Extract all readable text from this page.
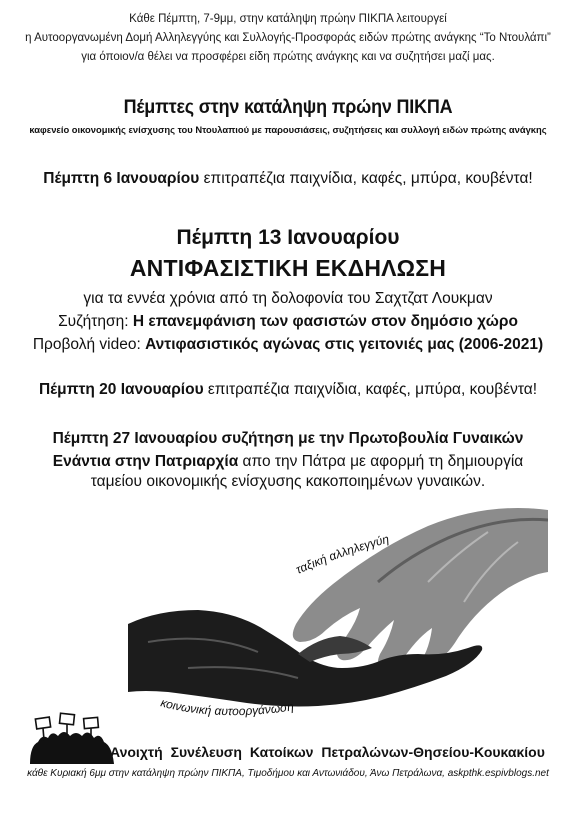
Κάθε Πέμπτη, 7-9μμ, στην κατάληψη πρώην ΠΙΚΠΑ λειτουργεί
η Αυτοοργανωμένη Δομή Αλληλεγγύης και Συλλογής-Προσφοράς ειδών πρώτης ανάγκης “Το Ντουλάπι”
για όποιον/α θέλει να προσφέρει είδη πρώτης ανάγκης και να συζητήσει μαζί μας.
Πέμπτες στην κατάληψη πρώην ΠΙΚΠΑ
καφενείο οικονομικής ενίσχυσης του Ντουλαπιού με παρουσιάσεις, συζητήσεις και συλλογή ειδών πρώτης ανάγκης
Πέμπτη 6 Ιανουαρίου επιτραπέζια παιχνίδια, καφές, μπύρα, κουβέντα!
Πέμπτη 13 Ιανουαρίου
ΑΝΤΙΦΑΣΙΣΤΙΚΗ ΕΚΔΗΛΩΣΗ
για τα εννέα χρόνια από τη δολοφονία του Σαχτζατ Λουκμαν
Συζήτηση: Η επανεμφάνιση των φασιστών στον δημόσιο χώρο
Προβολή video: Αντιφασιστικός αγώνας στις γειτονιές μας (2006-2021)
Πέμπτη 20 Ιανουαρίου επιτραπέζια παιχνίδια, καφές, μπύρα, κουβέντα!
Πέμπτη 27 Ιανουαρίου συζήτηση με την Πρωτοβουλία Γυναικών
Ενάντια στην Πατριαρχία απο την Πάτρα με αφορμή τη δημιουργία
ταμείου οικονομικής ενίσχυσης κακοποιημένων γυναικών.
ταξική αλληλεγγύη
κοινωνική αυτοοργάνωση
Ανοιχτή Συνέλευση Κατοίκων Πετραλώνων-Θησείου-Κουκακίου
κάθε Κυριακή 6μμ στην κατάληψη πρώην ΠΙΚΠΑ, Τιμοδήμου και Αντωνιάδου, Άνω Πετράλωνα, askpthk.espivblogs.net
